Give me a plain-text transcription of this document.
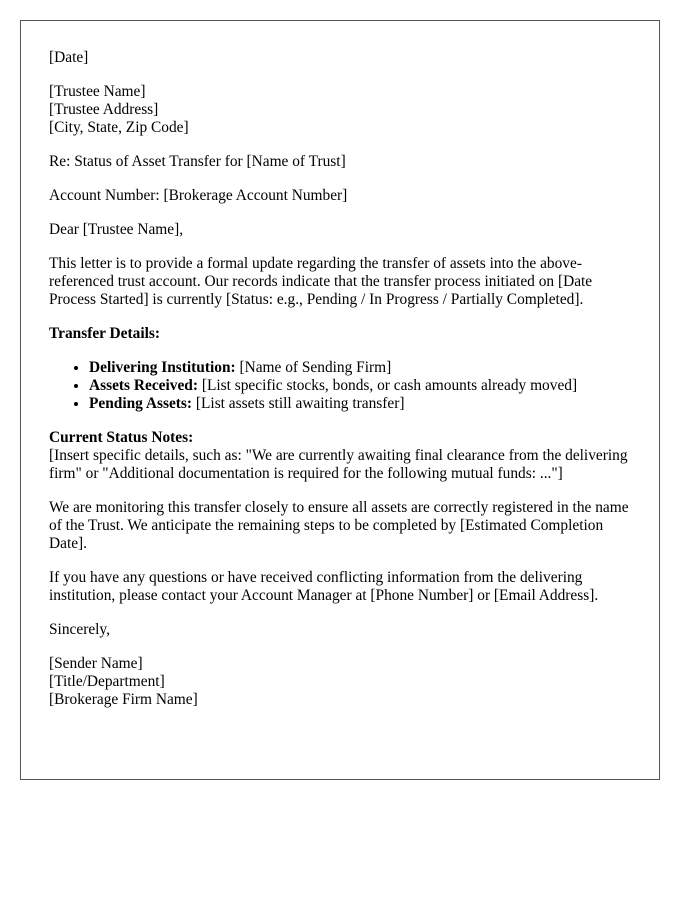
[Date]

[Trustee Name]
[Trustee Address]
[City, State, Zip Code]

Re: Status of Asset Transfer for [Name of Trust]

Account Number: [Brokerage Account Number]

Dear [Trustee Name],

This letter is to provide a formal update regarding the transfer of assets into the above-referenced trust account. Our records indicate that the transfer process initiated on [Date Process Started] is currently [Status: e.g., Pending / In Progress / Partially Completed].

Transfer Details:

• Delivering Institution: [Name of Sending Firm]
• Assets Received: [List specific stocks, bonds, or cash amounts already moved]
• Pending Assets: [List assets still awaiting transfer]

Current Status Notes:
[Insert specific details, such as: "We are currently awaiting final clearance from the delivering firm" or "Additional documentation is required for the following mutual funds: ..."]

We are monitoring this transfer closely to ensure all assets are correctly registered in the name of the Trust. We anticipate the remaining steps to be completed by [Estimated Completion Date].

If you have any questions or have received conflicting information from the delivering institution, please contact your Account Manager at [Phone Number] or [Email Address].

Sincerely,

[Sender Name]
[Title/Department]
[Brokerage Firm Name]
